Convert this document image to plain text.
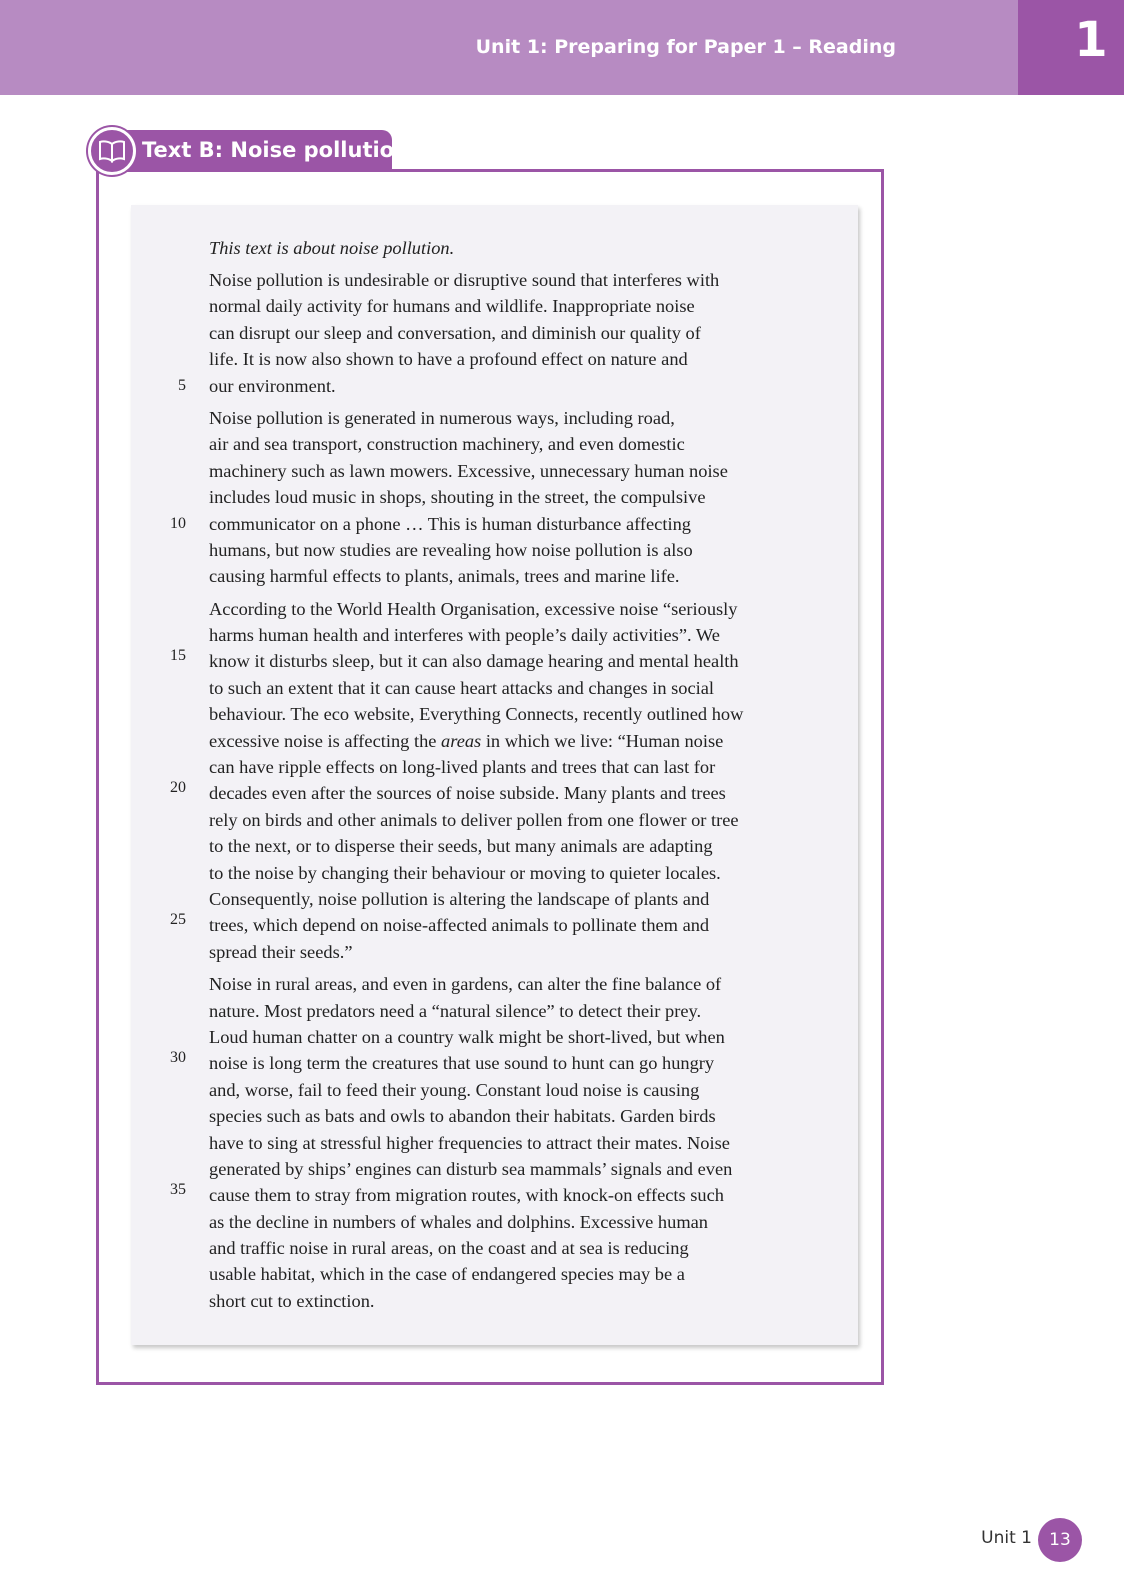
Unit 1: Preparing for Paper 1 – Reading	1
Text B: Noise pollution
5
10
15
20
25
30
35
This text is about noise pollution.
Noise pollution is undesirable or disruptive sound that interferes with
normal daily activity for humans and wildlife. Inappropriate noise
can disrupt our sleep and conversation, and diminish our quality of
life. It is now also shown to have a profound effect on nature and
our environment.
Noise pollution is generated in numerous ways, including road,
air and sea transport, construction machinery, and even domestic
machinery such as lawn mowers. Excessive, unnecessary human noise
includes loud music in shops, shouting in the street, the compulsive
communicator on a phone … This is human disturbance affecting
humans, but now studies are revealing how noise pollution is also
causing harmful effects to plants, animals, trees and marine life.
According to the World Health Organisation, excessive noise “seriously
harms human health and interferes with people’s daily activities”. We
know it disturbs sleep, but it can also damage hearing and mental health
to such an extent that it can cause heart attacks and changes in social
behaviour. The eco website, Everything Connects, recently outlined how
excessive noise is affecting the areas in which we live: “Human noise
can have ripple effects on long-lived plants and trees that can last for
decades even after the sources of noise subside. Many plants and trees
rely on birds and other animals to deliver pollen from one flower or tree
to the next, or to disperse their seeds, but many animals are adapting
to the noise by changing their behaviour or moving to quieter locales.
Consequently, noise pollution is altering the landscape of plants and
trees, which depend on noise-affected animals to pollinate them and
spread their seeds.”
Noise in rural areas, and even in gardens, can alter the fine balance of
nature. Most predators need a “natural silence” to detect their prey.
Loud human chatter on a country walk might be short-lived, but when
noise is long term the creatures that use sound to hunt can go hungry
and, worse, fail to feed their young. Constant loud noise is causing
species such as bats and owls to abandon their habitats. Garden birds
have to sing at stressful higher frequencies to attract their mates. Noise
generated by ships’ engines can disturb sea mammals’ signals and even
cause them to stray from migration routes, with knock-on effects such
as the decline in numbers of whales and dolphins. Excessive human
and traffic noise in rural areas, on the coast and at sea is reducing
usable habitat, which in the case of endangered species may be a
short cut to extinction.
Unit 1	13
